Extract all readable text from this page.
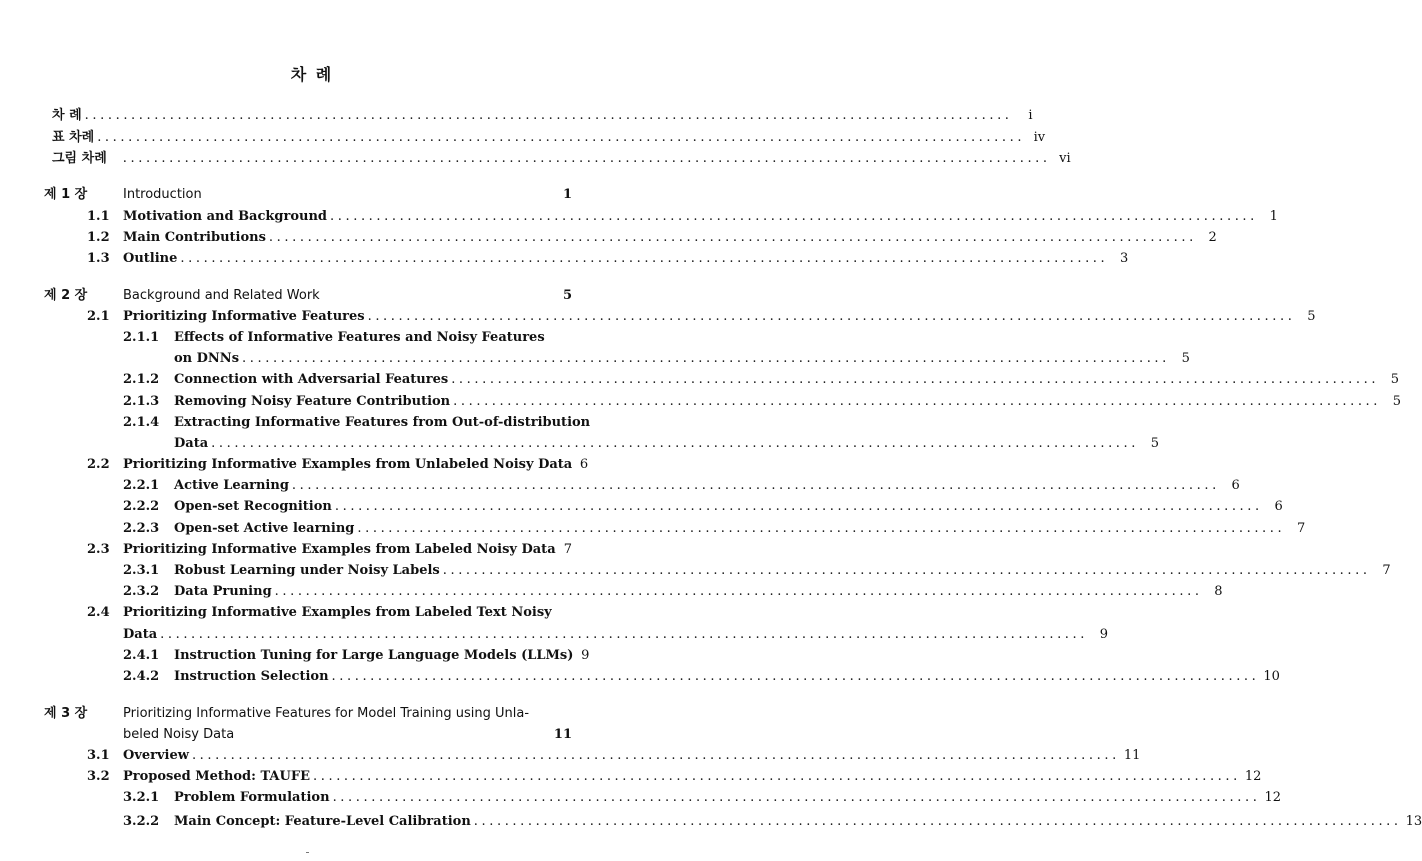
차 례
차 례 ........................................................................................................................	i
표 차례 ........................................................................................................................ iv
그림 차례	........................................................................................................................ vi
제 1 장	Introduction	1
1.1	Motivation and Background ........................................................................................................................ 1
1.2	Main Contributions ........................................................................................................................ 2
1.3	Outline ........................................................................................................................ 3
제 2 장	Background and Related Work	5
2.1	Prioritizing Informative Features ........................................................................................................................ 5
2.1.1	Effects of Informative Features and Noisy Features
on DNNs ........................................................................................................................ 5
2.1.2	Connection with Adversarial Features ........................................................................................................................ 5
2.1.3	Removing Noisy Feature Contribution ........................................................................................................................ 5
2.1.4	Extracting Informative Features from Out-of-distribution
Data ........................................................................................................................ 5
2.2	Prioritizing Informative Examples from Unlabeled Noisy Data 6
2.2.1	Active Learning ........................................................................................................................ 6
2.2.2	Open-set Recognition ........................................................................................................................ 6
2.2.3	Open-set Active learning ........................................................................................................................ 7
2.3	Prioritizing Informative Examples from Labeled Noisy Data 7
2.3.1	Robust Learning under Noisy Labels ........................................................................................................................ 7
2.3.2	Data Pruning ........................................................................................................................ 8
2.4	Prioritizing Informative Examples from Labeled Text Noisy
Data ........................................................................................................................ 9
2.4.1	Instruction Tuning for Large Language Models (LLMs) 9
2.4.2	Instruction Selection ........................................................................................................................ 10
제 3 장	Prioritizing Informative Features for Model Training using Unla-
beled Noisy Data	11
3.1	Overview ........................................................................................................................ 11
3.2	Proposed Method: TAUFE ........................................................................................................................ 12
3.2.1	Problem Formulation ........................................................................................................................ 12
3.2.2	Main Concept: Feature-Level Calibration ........................................................................................................................ 13
